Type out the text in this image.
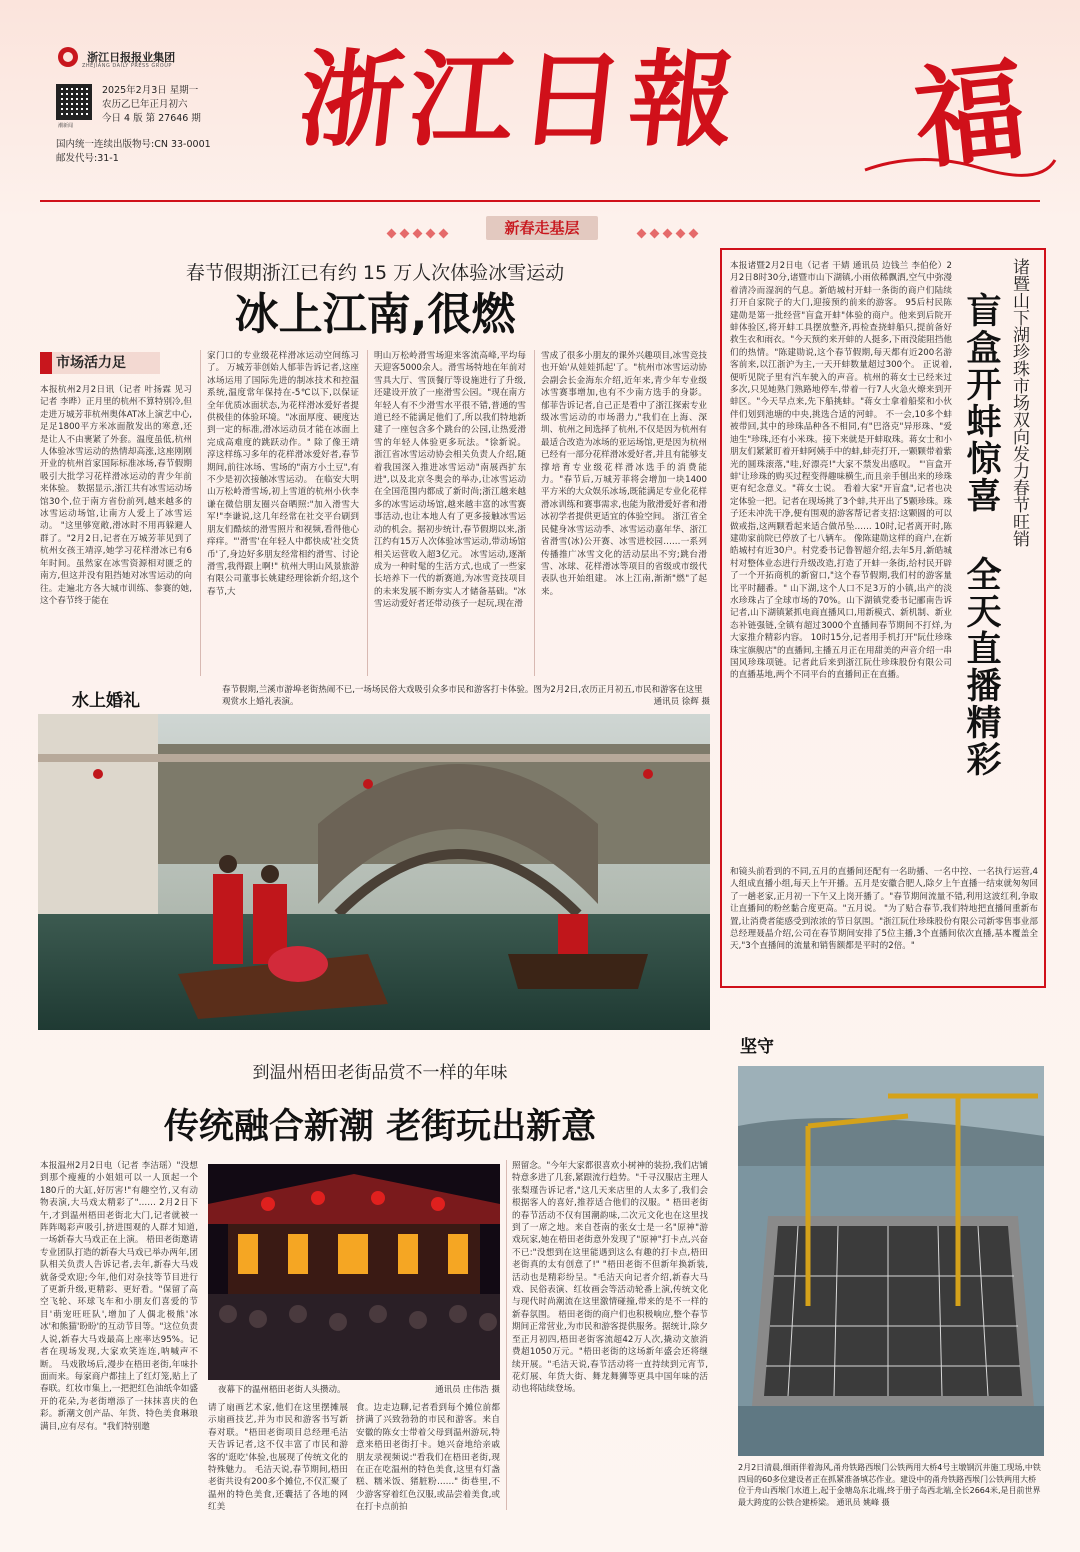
浙江日报报业集团
ZHEJIANG DAILY PRESS GROUP
潮新闻
2025年2月3日 星期一
农历乙巳年正月初六
今日 4 版 第 27646 期
国内统一连续出版物号:CN 33-0001
邮发代号:31-1	浙江日報 福
新春走基层
春节假期浙江已有约 15 万人次体验冰雪运动
冰上江南,很燃
市场活力足
本报杭州2月2日讯（记者 叶扬霖 见习记者 李晔）正月里的杭州不算特别冷,但走进万城芳菲杭州奥体AT冰上演艺中心,足足1800平方米冰面散发出的寒意,还是让人不由裹紧了外套。温度虽低,杭州人体验冰雪运动的热情却高涨,这座刚刚开业的杭州首家国际标准冰场,春节假期吸引大批学习花样滑冰运动的青少年前来体验。 数据显示,浙江共有冰雪运动场馆30个,位于南方省份前列,越来越多的冰雪运动场馆,让南方人爱上了冰雪运动。 "这里够宽敞,滑冰时不用再躲避人群了。"2月2日,记者在万城芳菲见到了杭州女孩王靖淳,她学习花样滑冰已有6年时间。虽然家在冰雪资源相对匮乏的南方,但这并没有阻挡她对冰雪运动的向往。走遍北方各大城市训练、参赛的她,这个春节终于能在
家门口的专业级花样滑冰运动空间练习了。 万城芳菲创始人郁菲告诉记者,这座冰场运用了国际先进的制冰技术和控温系统,温度常年保持在-5℃以下,以保证全年优质冰面状态,为花样滑冰爱好者提供极佳的体验环境。"冰面厚度、硬度达到一定的标准,滑冰运动员才能在冰面上完成高难度的跳跃动作。" 除了像王靖淳这样练习多年的花样滑冰爱好者,春节期间,前往冰场、雪场的"南方小土豆",有不少是初次接触冰雪运动。 在临安大明山万松岭滑雪场,初上雪道的杭州小伙李谦在微信朋友圈兴奋晒照:"加入滑雪大军!"李谦说,这几年经常在社交平台刷到朋友们酷炫的滑雪照片和视频,看得他心痒痒。"'滑雪'在年轻人中都快成'社交货币'了,身边好多朋友经常相约滑雪、讨论滑雪,我得跟上啊!" 杭州大明山风景旅游有限公司董事长姚建经理徐新介绍,这个春节,大
明山万松岭滑雪场迎来客流高峰,平均每天迎客5000余人。滑雪场特地在年前对雪具大厅、雪顶餐厅等设施进行了升级,还建设开放了一座滑雪公园。"现在南方年轻人有不少滑雪水平很不错,普通的雪道已经不能满足他们了,所以我们特地新建了一座包含多个跳台的公园,让热爱滑雪的年轻人体验更多玩法。"徐新说。 浙江省冰雪运动协会相关负责人介绍,随着我国深入推进冰雪运动"南展西扩东进",以及北京冬奥会的举办,让冰雪运动在全国范围内都成了新时尚;浙江越来越多的冰雪运动场馆,越来越丰富的冰雪赛事活动,也让本地人有了更多接触冰雪运动的机会。据初步统计,春节假期以来,浙江约有15万人次体验冰雪运动,带动场馆相关运营收入超3亿元。 冰雪运动,逐渐成为一种时髦的生活方式,也成了一些家长培养下一代的新赛道,为冰雪竞技项目的未来发展不断夯实人才储备基础。"冰雪运动爱好者还带动孩子一起玩,现在滑
雪成了很多小朋友的课外兴趣项目,冰雪竞技也开始'从娃娃抓起'了。"杭州市冰雪运动协会副会长金海东介绍,近年来,青少年专业级冰雪赛事增加,也有不少南方选手的身影。 郁菲告诉记者,自己正是看中了浙江探索专业级冰雪运动的市场潜力,"我们在上海、深圳、杭州之间选择了杭州,不仅是因为杭州有最适合改造为冰场的亚运场馆,更是因为杭州已经有一部分花样滑冰爱好者,并且有能够支撑培育专业级花样滑冰选手的消费能力。"春节后,万城芳菲将会增加一块1400平方米的大众娱乐冰场,既能满足专业化花样滑冰训练和赛事需求,也能为散滑爱好者和滑冰初学者提供更适宜的体验空间。 浙江省全民健身冰雪运动季、冰雪运动嘉年华、浙江省滑雪(冰)公开赛、冰雪进校园……一系列传播推广冰雪文化的活动层出不穷;跳台滑雪、冰球、花样滑冰等项目的省级或市级代表队也开始组建。 冰上江南,渐渐"燃"了起来。
水上婚礼
春节假期,兰溪市游埠老街热闹不已,一场场民俗大戏吸引众多市民和游客打卡体验。图为2月2日,农历正月初五,市民和游客在这里观赏水上婚礼表演。	通讯员 徐辉 摄
诸暨山下湖珍珠市场双向发力春节旺销
盲盒开蚌惊喜 全天直播精彩
本报诸暨2月2日电（记者 干婧 通讯员 边钱兰 李伯伦）2月2日8时30分,诸暨市山下湖镇,小雨依稀飘洒,空气中弥漫着清冷而湿润的气息。新皓城村开蚌一条街的商户们陆续打开自家院子的大门,迎接预约前来的游客。 95后村民陈建勋是第一批经营"盲盒开蚌"体验的商户。他来到后院开蚌体验区,将开蚌工具摆放整齐,再检查挠蚌船只,提前备好救生衣和雨衣。"今天预约来开蚌的人挺多,下雨没能阻挡他们的热情。"陈建勋说,这个春节假期,每天都有近200名游客前来,以江浙沪为主,一天开蚌数量超过300个。 正说着,便听见院子里有汽车驶入的声音。杭州的蒋女士已经来过多次,只见她熟门熟路地停车,带着一行7人火急火燎来到开蚌区。"今天早点来,先下船挑蚌。"蒋女士拿着船桨和小伙伴们划到池塘的中央,挑选合适的河蚌。 不一会,10多个蚌被带回,其中的珍珠品种各不相同,有"巴洛克"异形珠、"爱迪生"珍珠,还有小米珠。接下来就是开蚌取珠。蒋女士和小朋友们紧紧盯着开蚌阿姨手中的蚌,蚌壳打开,一颗颗带着紫光的圆珠滚落,"哇,好漂亮!"大家不禁发出感叹。 "'盲盒开蚌'让珍珠的购买过程变得趣味横生,而且亲手刨出来的珍珠更有纪念意义。"蒋女士说。 看着大家"开盲盒",记者也决定体验一把。记者在现场挑了3个蚌,共开出了5颗珍珠。珠子还未冲洗干净,便有围观的游客帮记者支招:这颗圆的可以做戒指,这两颗看起来适合做吊坠…… 10时,记者离开时,陈建勋家前院已停放了七八辆车。 像陈建勋这样的商户,在新皓城村有近30户。村党委书记鲁智超介绍,去年5月,新皓城村对整体业态进行升级改造,打造了开蚌一条街,给村民开辟了一个开拓商机的新窗口,"这个春节假期,我们村的游客量比平时翻番。" 山下湖,这个人口不足3万的小镇,出产的淡水珍珠占了全球市场的70%。山下湖镇党委书记郦南告诉记者,山下湖镇紧抓电商直播风口,用新模式、新机制、新业态补链强链,全镇有超过3000个直播间春节期间不打烊,为大家推介精彩内容。 10时15分,记者用手机打开"阮仕珍珠珠宝旗舰店"的直播间,主播五月正在用甜美的声音介绍一串国风珍珠项链。记者此后来到浙江阮仕珍珠股份有限公司的直播基地,两个不同平台的直播间正在直播。
和镜头前看到的不同,五月的直播间还配有一名助播、一名中控、一名执行运营,4人组成直播小组,每天上午开播。五月是安徽合肥人,除夕上午直播一结束就匆匆回了一趟老家,正月初一下午又上岗开播了。"春节期间流量不错,利用这波红利,争取让直播间的粉丝黏合度更高。"五月说。 "为了贴合春节,我们特地把直播间重新布置,让消费者能感受到浓浓的节日氛围。"浙江阮仕珍珠股份有限公司新零售事业部总经理聂晶介绍,公司在春节期间安排了5位主播,3个直播间依次直播,基本覆盖全天,"3个直播间的流量和销售额都是平时的2倍。"
坚守
2月2日清晨,细雨伴着海风,甬舟铁路西堠门公铁两用大桥4号主墩钢沉井施工现场,中铁四局的60多位建设者正在抓紧准备填芯作业。建设中的甬舟铁路西堠门公铁两用大桥位于舟山西堠门水道上,起于金塘岛东北端,终于册子岛西北端,全长2664米,是目前世界最大跨度的公铁合建桥梁。 通讯员 姚峰 摄
到温州梧田老街品赏不一样的年味
传统融合新潮 老街玩出新意
本报温州2月2日电（记者 李洁瑶）"没想到那个瘦瘦的小姐姐可以一人顶起一个180斤的大缸,好厉害!"有趣空竹,又有动物表演,大马戏太精彩了"…… 2月2日下午,才到温州梧田老街北大门,记者就被一阵阵喝彩声吸引,挤进围观的人群才知道,一场新春大马戏正在上演。 梧田老街邀请专业团队打造的新春大马戏已举办两年,团队相关负责人告诉记者,去年,新春大马戏就备受欢迎;今年,他们对杂技等节目进行了更新升级,更精彩、更好看。"保留了高空飞轮、环球飞车和小朋友们喜爱的节目'萌宠旺旺队',增加了人偶北极熊'冰冰'和熊猫'盼盼'的互动节目等。"这位负责人说,新春大马戏最高上座率达95%。记者在现场发现,大家欢笑连连,呐喊声不断。 马戏散场后,漫步在梧田老街,年味扑面而来。每家商户都挂上了红灯笼,贴上了春联。红妆市集上,一把把红色油纸伞如盛开的花朵,为老街增添了一抹抹喜庆的色彩。新潮文创产品、年货、特色美食琳琅满目,应有尽有。"我们特别邀
夜幕下的温州梧田老街人头攒动。	通讯员 庄伟浩 摄
请了扇画艺术家,他们在这里摆摊展示扇画技艺,并为市民和游客书写新春对联。"梧田老街项目总经理毛洁天告诉记者,这不仅丰富了市民和游客的'逛吃'体验,也展现了传统文化的特殊魅力。 毛洁天说,春节期间,梧田老街共设有200多个摊位,不仅汇聚了温州的特色美食,还囊括了各地的网红美
食。边走边聊,记者看到每个摊位前都挤满了兴致勃勃的市民和游客。来自安徽的陈女士带着父母到温州游玩,特意来梧田老街打卡。她兴奋地给亲戚朋友录视频说:"看我们在梧田老街,现在正在吃温州的特色美食,这里有灯盏糕、糯米饭、猪脏粉……" 街巷里,不少游客穿着红色汉服,或品尝着美食,或在打卡点前拍
照留念。"今年大家都很喜欢小树神的装扮,我们店铺特意多进了几套,紧跟流行趋势。"千寻汉服店主理人张梨瑾告诉记者,"这几天来店里的人太多了,我们会根据客人的喜好,推荐适合他们的汉服。" 梧田老街的春节活动不仅有国潮韵味,二次元文化也在这里找到了一席之地。来自苍南的张女士是一名"原神"游戏玩家,她在梧田老街意外发现了"原神"打卡点,兴奋不已:"没想到在这里能遇到这么有趣的打卡点,梧田老街真的太有创意了!" "梧田老街不但新年换新装,活动也是精彩纷呈。"毛洁天向记者介绍,新春大马戏、民俗表演、红妆画会等活动轮番上演,传统文化与现代时尚潮流在这里激情碰撞,带来的是不一样的新春氛围。 梧田老街的商户们也积极响应,整个春节期间正常营业,为市民和游客提供服务。据统计,除夕至正月初四,梧田老街客流超42万人次,撬动文旅消费超1050万元。"梧田老街的这场新年盛会还将继续开展。"毛洁天说,春节活动将一直持续到元宵节,花灯展、年货大街、舞龙舞狮等更具中国年味的活动也将陆续登场。
